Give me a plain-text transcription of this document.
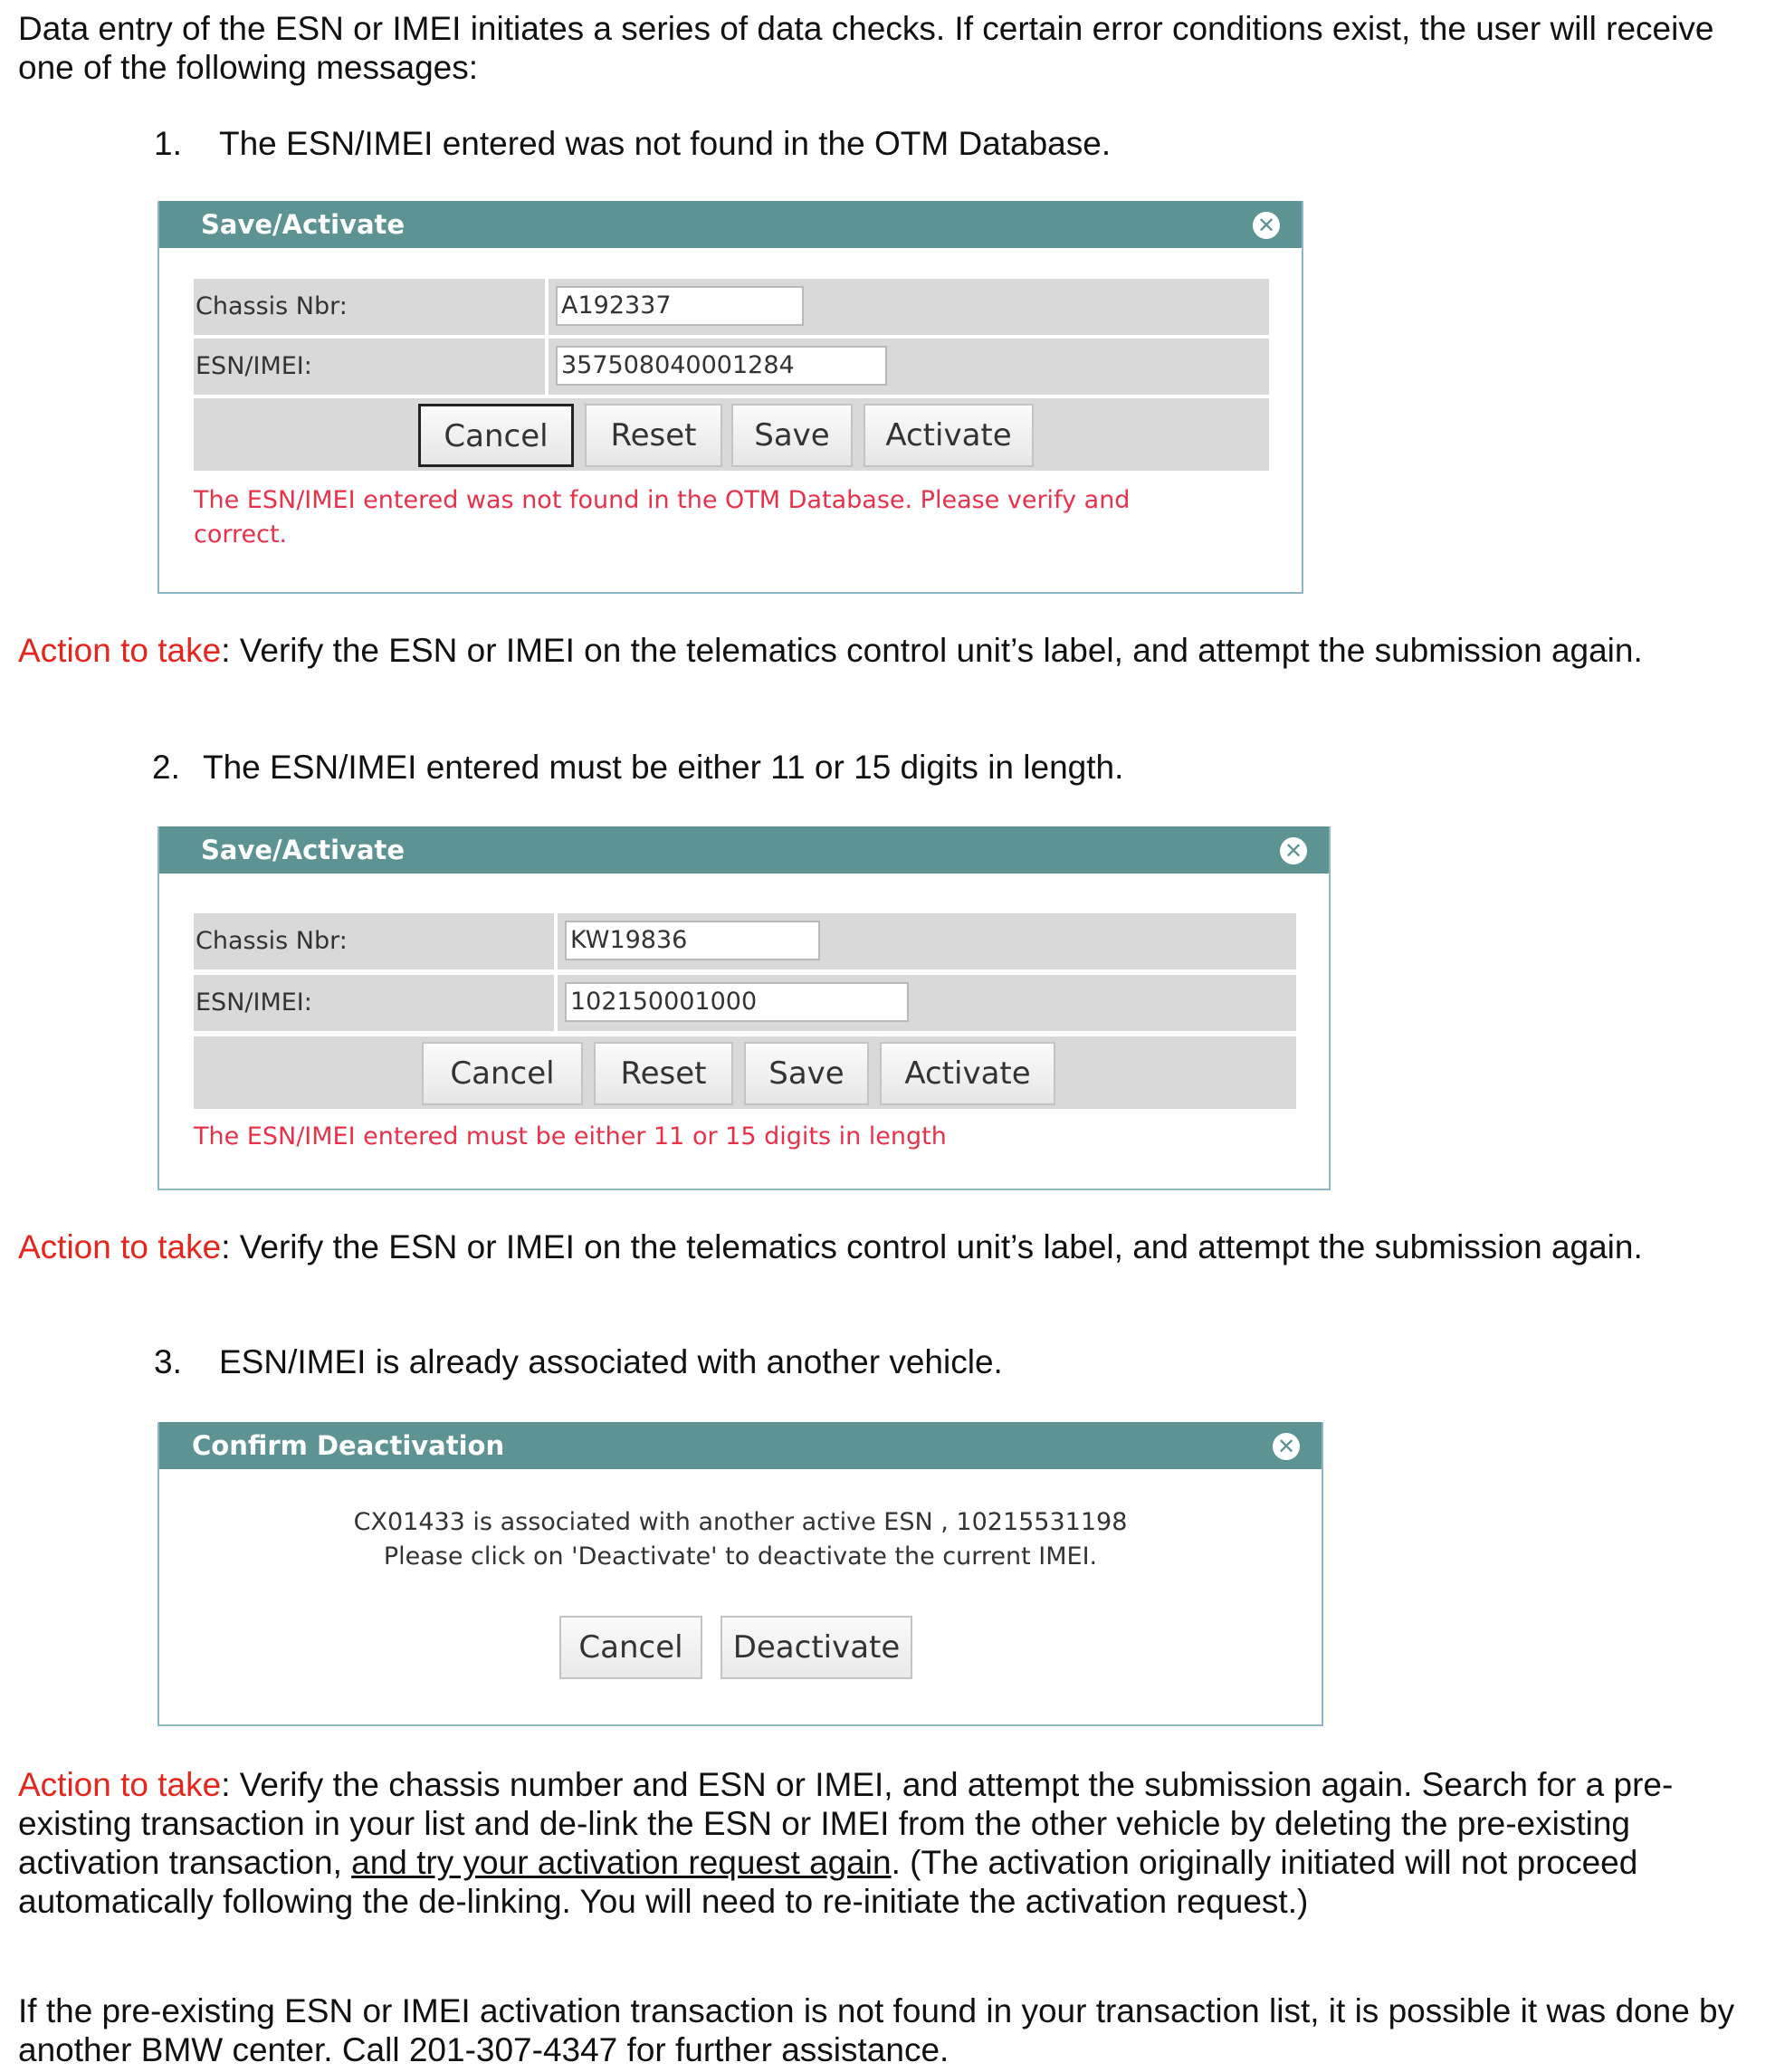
Data entry of the ESN or IMEI initiates a series of data checks. If certain error conditions exist, the user will receive one of the following messages:

1. The ESN/IMEI entered was not found in the OTM Database.

Save/Activate	✕
Chassis Nbr:	A192337
ESN/IMEI:	357508040001284
Cancel	Reset	Save	Activate
The ESN/IMEI entered was not found in the OTM Database. Please verify and correct.

Action to take: Verify the ESN or IMEI on the telematics control unit’s label, and attempt the submission again.

2. The ESN/IMEI entered must be either 11 or 15 digits in length.

Save/Activate	✕
Chassis Nbr:	KW19836
ESN/IMEI:	102150001000
Cancel	Reset	Save	Activate
The ESN/IMEI entered must be either 11 or 15 digits in length

Action to take: Verify the ESN or IMEI on the telematics control unit’s label, and attempt the submission again.

3. ESN/IMEI is already associated with another vehicle.

Confirm Deactivation	✕
CX01433 is associated with another active ESN , 10215531198
Please click on 'Deactivate' to deactivate the current IMEI.
Cancel	Deactivate

Action to take: Verify the chassis number and ESN or IMEI, and attempt the submission again. Search for a pre-existing transaction in your list and de-link the ESN or IMEI from the other vehicle by deleting the pre-existing activation transaction, and try your activation request again. (The activation originally initiated will not proceed automatically following the de-linking. You will need to re-initiate the activation request.)

If the pre-existing ESN or IMEI activation transaction is not found in your transaction list, it is possible it was done by another BMW center. Call 201-307-4347 for further assistance.
